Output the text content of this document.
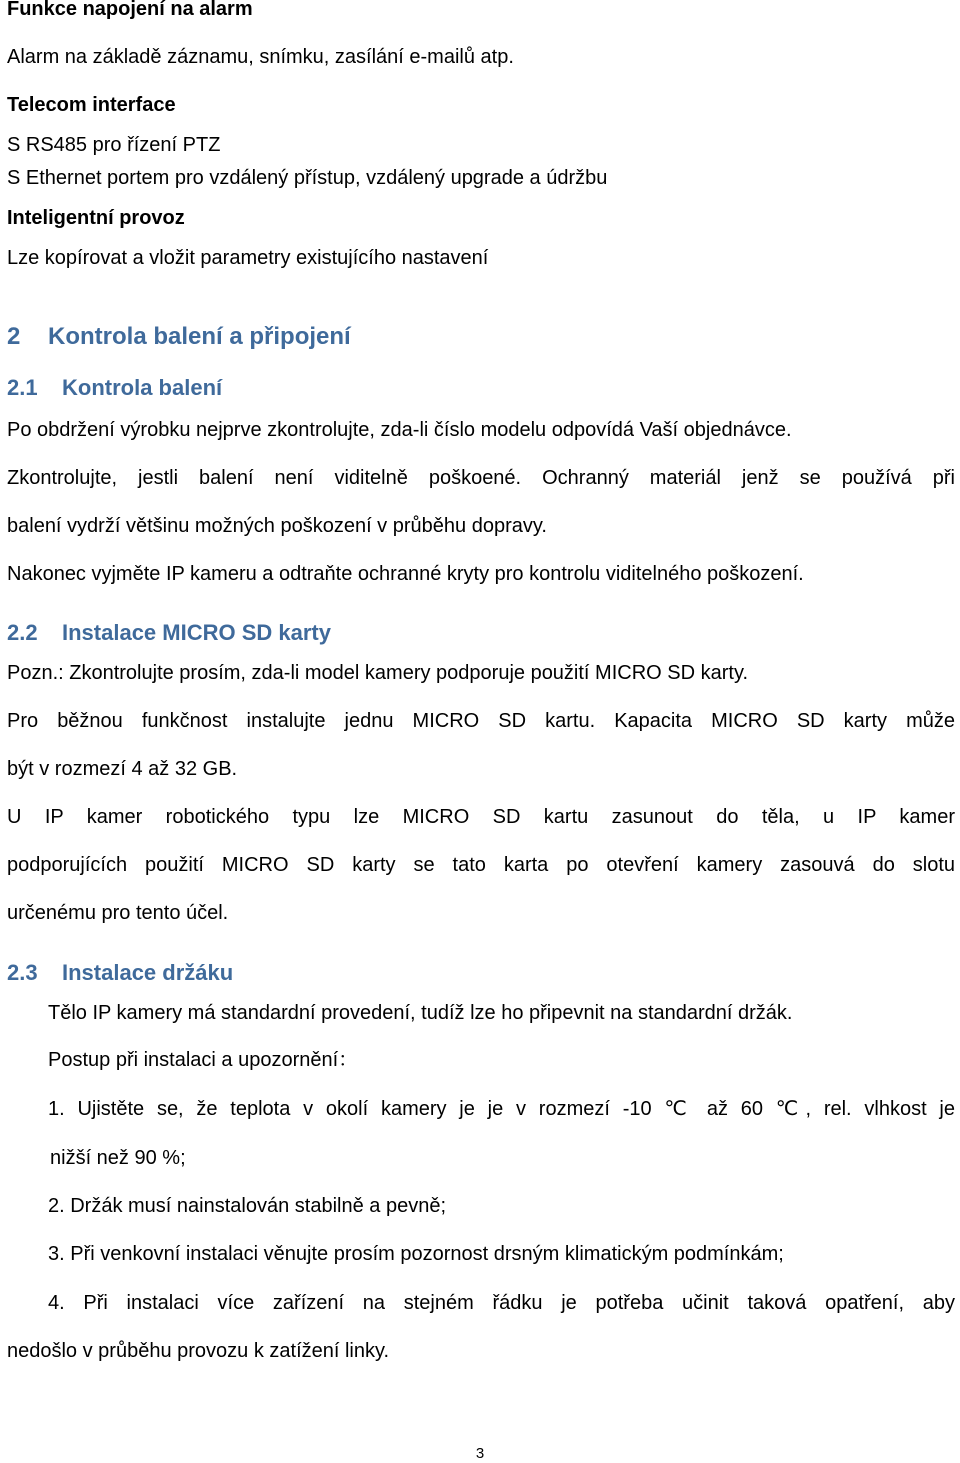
Funkce napojení na alarm
Alarm na základě záznamu, snímku, zasílání e-mailů atp.
Telecom interface
S RS485 pro řízení PTZ
S Ethernet portem pro vzdálený přístup, vzdálený upgrade a údržbu
Inteligentní provoz
Lze kopírovat a vložit parametry existujícího nastavení
2 Kontrola balení a připojení
2.1 Kontrola balení
Po obdržení výrobku nejprve zkontrolujte, zda-li číslo modelu odpovídá Vaší objednávce.
Zkontrolujte, jestli balení není viditelně poškoené. Ochranný materiál jenž se používá při
balení vydrží většinu možných poškození v průběhu dopravy.
Nakonec vyjměte IP kameru a odtraňte ochranné kryty pro kontrolu viditelného poškození.
2.2 Instalace MICRO SD karty
Pozn.: Zkontrolujte prosím, zda-li model kamery podporuje použití MICRO SD karty.
Pro běžnou funkčnost instalujte jednu MICRO SD kartu. Kapacita MICRO SD karty může
být v rozmezí 4 až 32 GB.
U IP kamer robotického typu lze MICRO SD kartu zasunout do těla, u IP kamer
podporujících použití MICRO SD karty se tato karta po otevření kamery zasouvá do slotu
určenému pro tento účel.
2.3 Instalace držáku
Tělo IP kamery má standardní provedení, tudíž lze ho připevnit na standardní držák.
Postup při instalaci a upozornění：
1. Ujistěte se, že teplota v okolí kamery je je v rozmezí -10 ℃ až 60 ℃, rel. vlhkost je
nižší než 90 %;
2. Držák musí nainstalován stabilně a pevně;
3. Při venkovní instalaci věnujte prosím pozornost drsným klimatickým podmínkám;
4. Při instalaci více zařízení na stejném řádku je potřeba učinit taková opatření, aby
nedošlo v průběhu provozu k zatížení linky.
3
